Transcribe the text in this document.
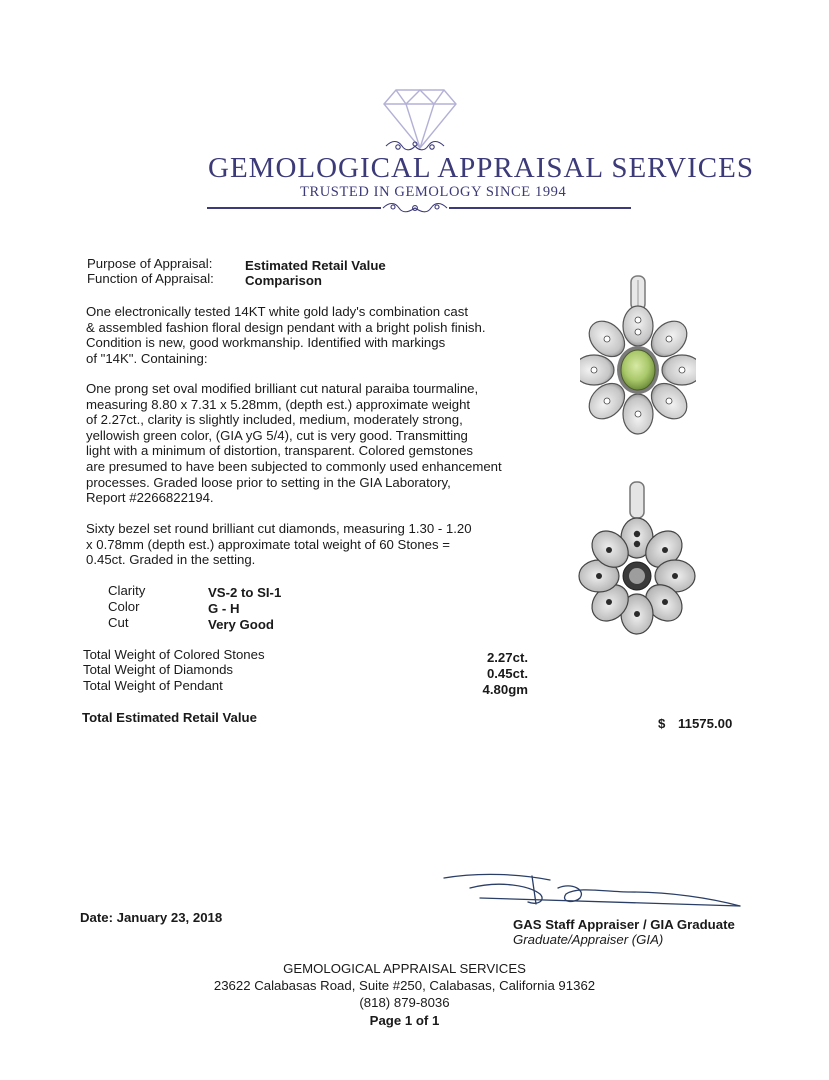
GEMOLOGICAL APPRAISAL SERVICES
TRUSTED IN GEMOLOGY SINCE 1994
Purpose of Appraisal: Estimated Retail Value
Function of Appraisal: Comparison
One electronically tested 14KT white gold lady's combination cast
& assembled fashion floral design pendant with a bright polish finish.
Condition is new, good workmanship. Identified with markings
of "14K". Containing:
One prong set oval modified brilliant cut natural paraiba tourmaline,
measuring 8.80 x 7.31 x 5.28mm, (depth est.) approximate weight
of 2.27ct., clarity is slightly included, medium, moderately strong,
yellowish green color, (GIA yG 5/4), cut is very good. Transmitting
light with a minimum of distortion, transparent. Colored gemstones
are presumed to have been subjected to commonly used enhancement
processes. Graded loose prior to setting in the GIA Laboratory,
Report #2266822194.
Sixty bezel set round brilliant cut diamonds, measuring 1.30 - 1.20
x 0.78mm (depth est.) approximate total weight of 60 Stones =
0.45ct. Graded in the setting.
Clarity	VS-2 to SI-1
Color	G - H
Cut	Very Good
Total Weight of Colored Stones	2.27ct.
Total Weight of Diamonds	0.45ct.
Total Weight of Pendant	4.80gm
Total Estimated Retail Value	$ 11575.00
Date: January 23, 2018	GAS Staff Appraiser / GIA Graduate
Graduate/Appraiser (GIA)
GEMOLOGICAL APPRAISAL SERVICES
23622 Calabasas Road, Suite #250, Calabasas, California 91362
(818) 879-8036
Page 1 of 1
